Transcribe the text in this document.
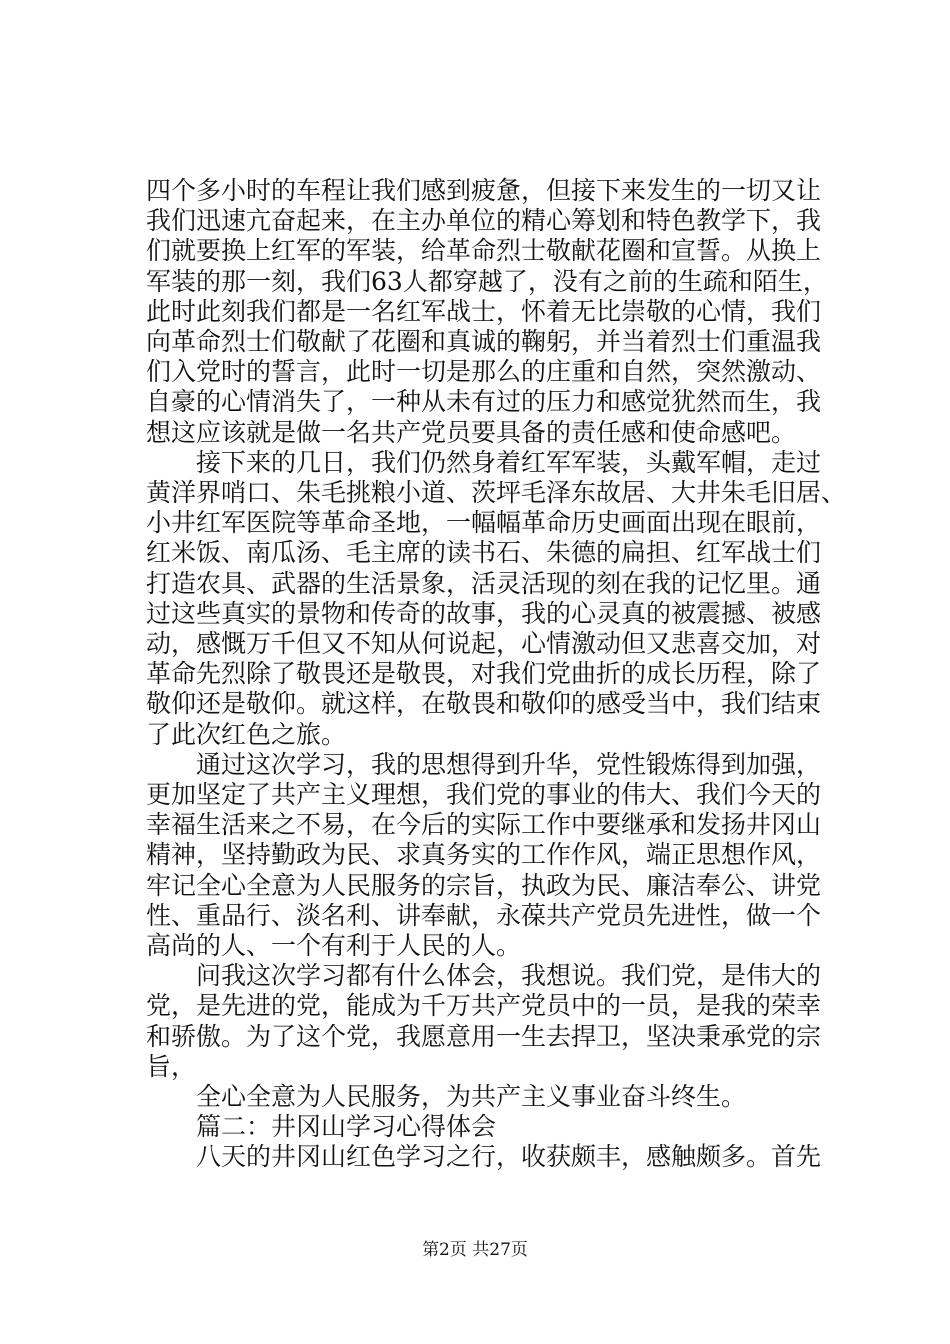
四个多小时的车程让我们感到疲惫，但接下来发生的一切又让
我们迅速亢奋起来，在主办单位的精心筹划和特色教学下，我
们就要换上红军的军装，给革命烈士敬献花圈和宣誓。从换上
军装的那一刻，我们63人都穿越了，没有之前的生疏和陌生，
此时此刻我们都是一名红军战士，怀着无比崇敬的心情，我们
向革命烈士们敬献了花圈和真诚的鞠躬，并当着烈士们重温我
们入党时的誓言，此时一切是那么的庄重和自然，突然激动、
自豪的心情消失了，一种从未有过的压力和感觉犹然而生，我
想这应该就是做一名共产党员要具备的责任感和使命感吧。
　　接下来的几日，我们仍然身着红军军装，头戴军帽，走过
黄洋界哨口、朱毛挑粮小道、茨坪毛泽东故居、大井朱毛旧居、
小井红军医院等革命圣地，一幅幅革命历史画面出现在眼前，
红米饭、南瓜汤、毛主席的读书石、朱德的扁担、红军战士们
打造农具、武器的生活景象，活灵活现的刻在我的记忆里。通
过这些真实的景物和传奇的故事，我的心灵真的被震撼、被感
动，感慨万千但又不知从何说起，心情激动但又悲喜交加，对
革命先烈除了敬畏还是敬畏，对我们党曲折的成长历程，除了
敬仰还是敬仰。就这样，在敬畏和敬仰的感受当中，我们结束
了此次红色之旅。
　　通过这次学习，我的思想得到升华，党性锻炼得到加强，
更加坚定了共产主义理想，我们党的事业的伟大、我们今天的
幸福生活来之不易，在今后的实际工作中要继承和发扬井冈山
精神，坚持勤政为民、求真务实的工作作风，端正思想作风，
牢记全心全意为人民服务的宗旨，执政为民、廉洁奉公、讲党
性、重品行、淡名利、讲奉献，永葆共产党员先进性，做一个
高尚的人、一个有利于人民的人。
　　问我这次学习都有什么体会，我想说。我们党，是伟大的
党，是先进的党，能成为千万共产党员中的一员，是我的荣幸
和骄傲。为了这个党，我愿意用一生去捍卫，坚决秉承党的宗
旨，
　　全心全意为人民服务，为共产主义事业奋斗终生。
　　篇二：井冈山学习心得体会
　　八天的井冈山红色学习之行，收获颇丰，感触颇多。首先
第2页 共27页
